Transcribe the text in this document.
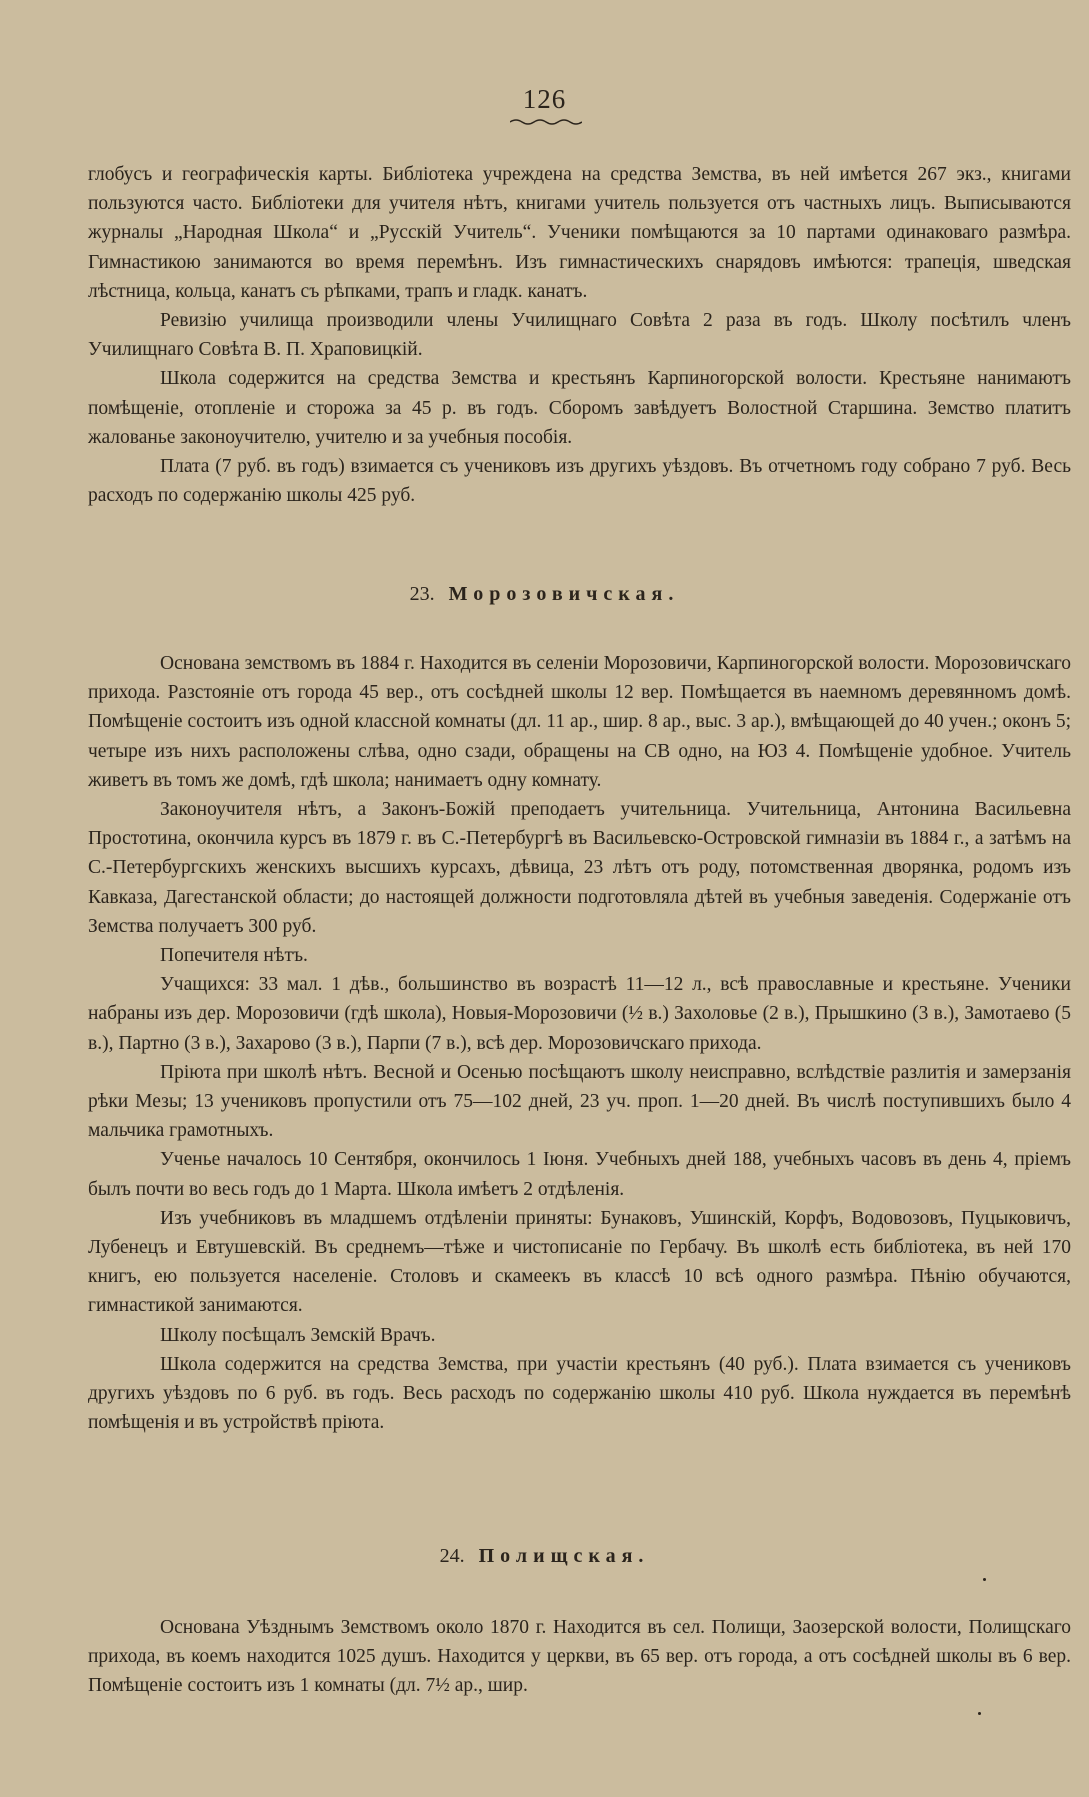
126

глобусъ и географическія карты. Библіотека учреждена на средства Земства, въ ней имѣется 267 экз., книгами пользуются часто. Библіотеки для учителя нѣтъ, книгами учитель пользуется отъ частныхъ лицъ. Выписываются журналы „Народная Школа“ и „Русскій Учитель“. Ученики помѣщаются за 10 партами одинаковаго размѣра. Гимнастикою занимаются во время перемѣнъ. Изъ гимнастическихъ снарядовъ имѣются: трапеція, шведская лѣстница, кольца, канатъ съ рѣпками, трапъ и гладк. канатъ.

Ревизію училища производили члены Училищнаго Совѣта 2 раза въ годъ. Школу посѣтилъ членъ Училищнаго Совѣта В. П. Храповицкій.

Школа содержится на средства Земства и крестьянъ Карпиногорской волости. Крестьяне нанимаютъ помѣщеніе, отопленіе и сторожа за 45 р. въ годъ. Сборомъ завѣдуетъ Волостной Старшина. Земство платитъ жалованье законоучителю, учителю и за учебныя пособія.

Плата (7 руб. въ годъ) взимается съ учениковъ изъ другихъ уѣздовъ. Въ отчетномъ году собрано 7 руб. Весь расходъ по содержанію школы 425 руб.

23. Морозовичская.

Основана земствомъ въ 1884 г. Находится въ селеніи Морозовичи, Карпиногорской волости. Морозовичскаго прихода. Разстояніе отъ города 45 вер., отъ сосѣдней школы 12 вер. Помѣщается въ наемномъ деревянномъ домѣ. Помѣщеніе состоитъ изъ одной классной комнаты (дл. 11 ар., шир. 8 ар., выс. 3 ар.), вмѣщающей до 40 учен.; оконъ 5; четыре изъ нихъ расположены слѣва, одно сзади, обращены на СВ одно, на ЮЗ 4. Помѣщеніе удобное. Учитель живетъ въ томъ же домѣ, гдѣ школа; нанимаетъ одну комнату.

Законоучителя нѣтъ, а Законъ-Божій преподаетъ учительница. Учительница, Антонина Васильевна Простотина, окончила курсъ въ 1879 г. въ С.-Петербургѣ въ Васильевско-Островской гимназіи въ 1884 г., а затѣмъ на С.-Петербургскихъ женскихъ высшихъ курсахъ, дѣвица, 23 лѣтъ отъ роду, потомственная дворянка, родомъ изъ Кавказа, Дагестанской области; до настоящей должности подготовляла дѣтей въ учебныя заведенія. Содержаніе отъ Земства получаетъ 300 руб.

Попечителя нѣтъ.

Учащихся: 33 мал. 1 дѣв., большинство въ возрастѣ 11—12 л., всѣ православные и крестьяне. Ученики набраны изъ дер. Морозовичи (гдѣ школа), Новыя-Морозовичи (½ в.) Захоловье (2 в.), Прышкино (3 в.), Замотаево (5 в.), Партно (3 в.), Захарово (3 в.), Парпи (7 в.), всѣ дер. Морозовичскаго прихода.

Пріюта при школѣ нѣтъ. Весной и Осенью посѣщаютъ школу неисправно, вслѣдствіе разлитія и замерзанія рѣки Мезы; 13 учениковъ пропустили отъ 75—102 дней, 23 уч. проп. 1—20 дней. Въ числѣ поступившихъ было 4 мальчика грамотныхъ.

Ученье началось 10 Сентября, окончилось 1 Іюня. Учебныхъ дней 188, учебныхъ часовъ въ день 4, пріемъ былъ почти во весь годъ до 1 Марта. Школа имѣетъ 2 отдѣленія.

Изъ учебниковъ въ младшемъ отдѣленіи приняты: Бунаковъ, Ушинскій, Корфъ, Водовозовъ, Пуцыковичъ, Лубенецъ и Евтушевскій. Въ среднемъ—тѣже и чистописаніе по Гербачу. Въ школѣ есть библіотека, въ ней 170 книгъ, ею пользуется населеніе. Столовъ и скамеекъ въ классѣ 10 всѣ одного размѣра. Пѣнію обучаются, гимнастикой занимаются.

Школу посѣщалъ Земскій Врачъ.

Школа содержится на средства Земства, при участіи крестьянъ (40 руб.). Плата взимается съ учениковъ другихъ уѣздовъ по 6 руб. въ годъ. Весь расходъ по содержанію школы 410 руб. Школа нуждается въ перемѣнѣ помѣщенія и въ устройствѣ пріюта.

24. Полищская.

Основана Уѣзднымъ Земствомъ около 1870 г. Находится въ сел. Полищи, Заозерской волости, Полищскаго прихода, въ коемъ находится 1025 душъ. Находится у церкви, въ 65 вер. отъ города, а отъ сосѣдней школы въ 6 вер. Помѣщеніе состоитъ изъ 1 комнаты (дл. 7½ ар., шир.
